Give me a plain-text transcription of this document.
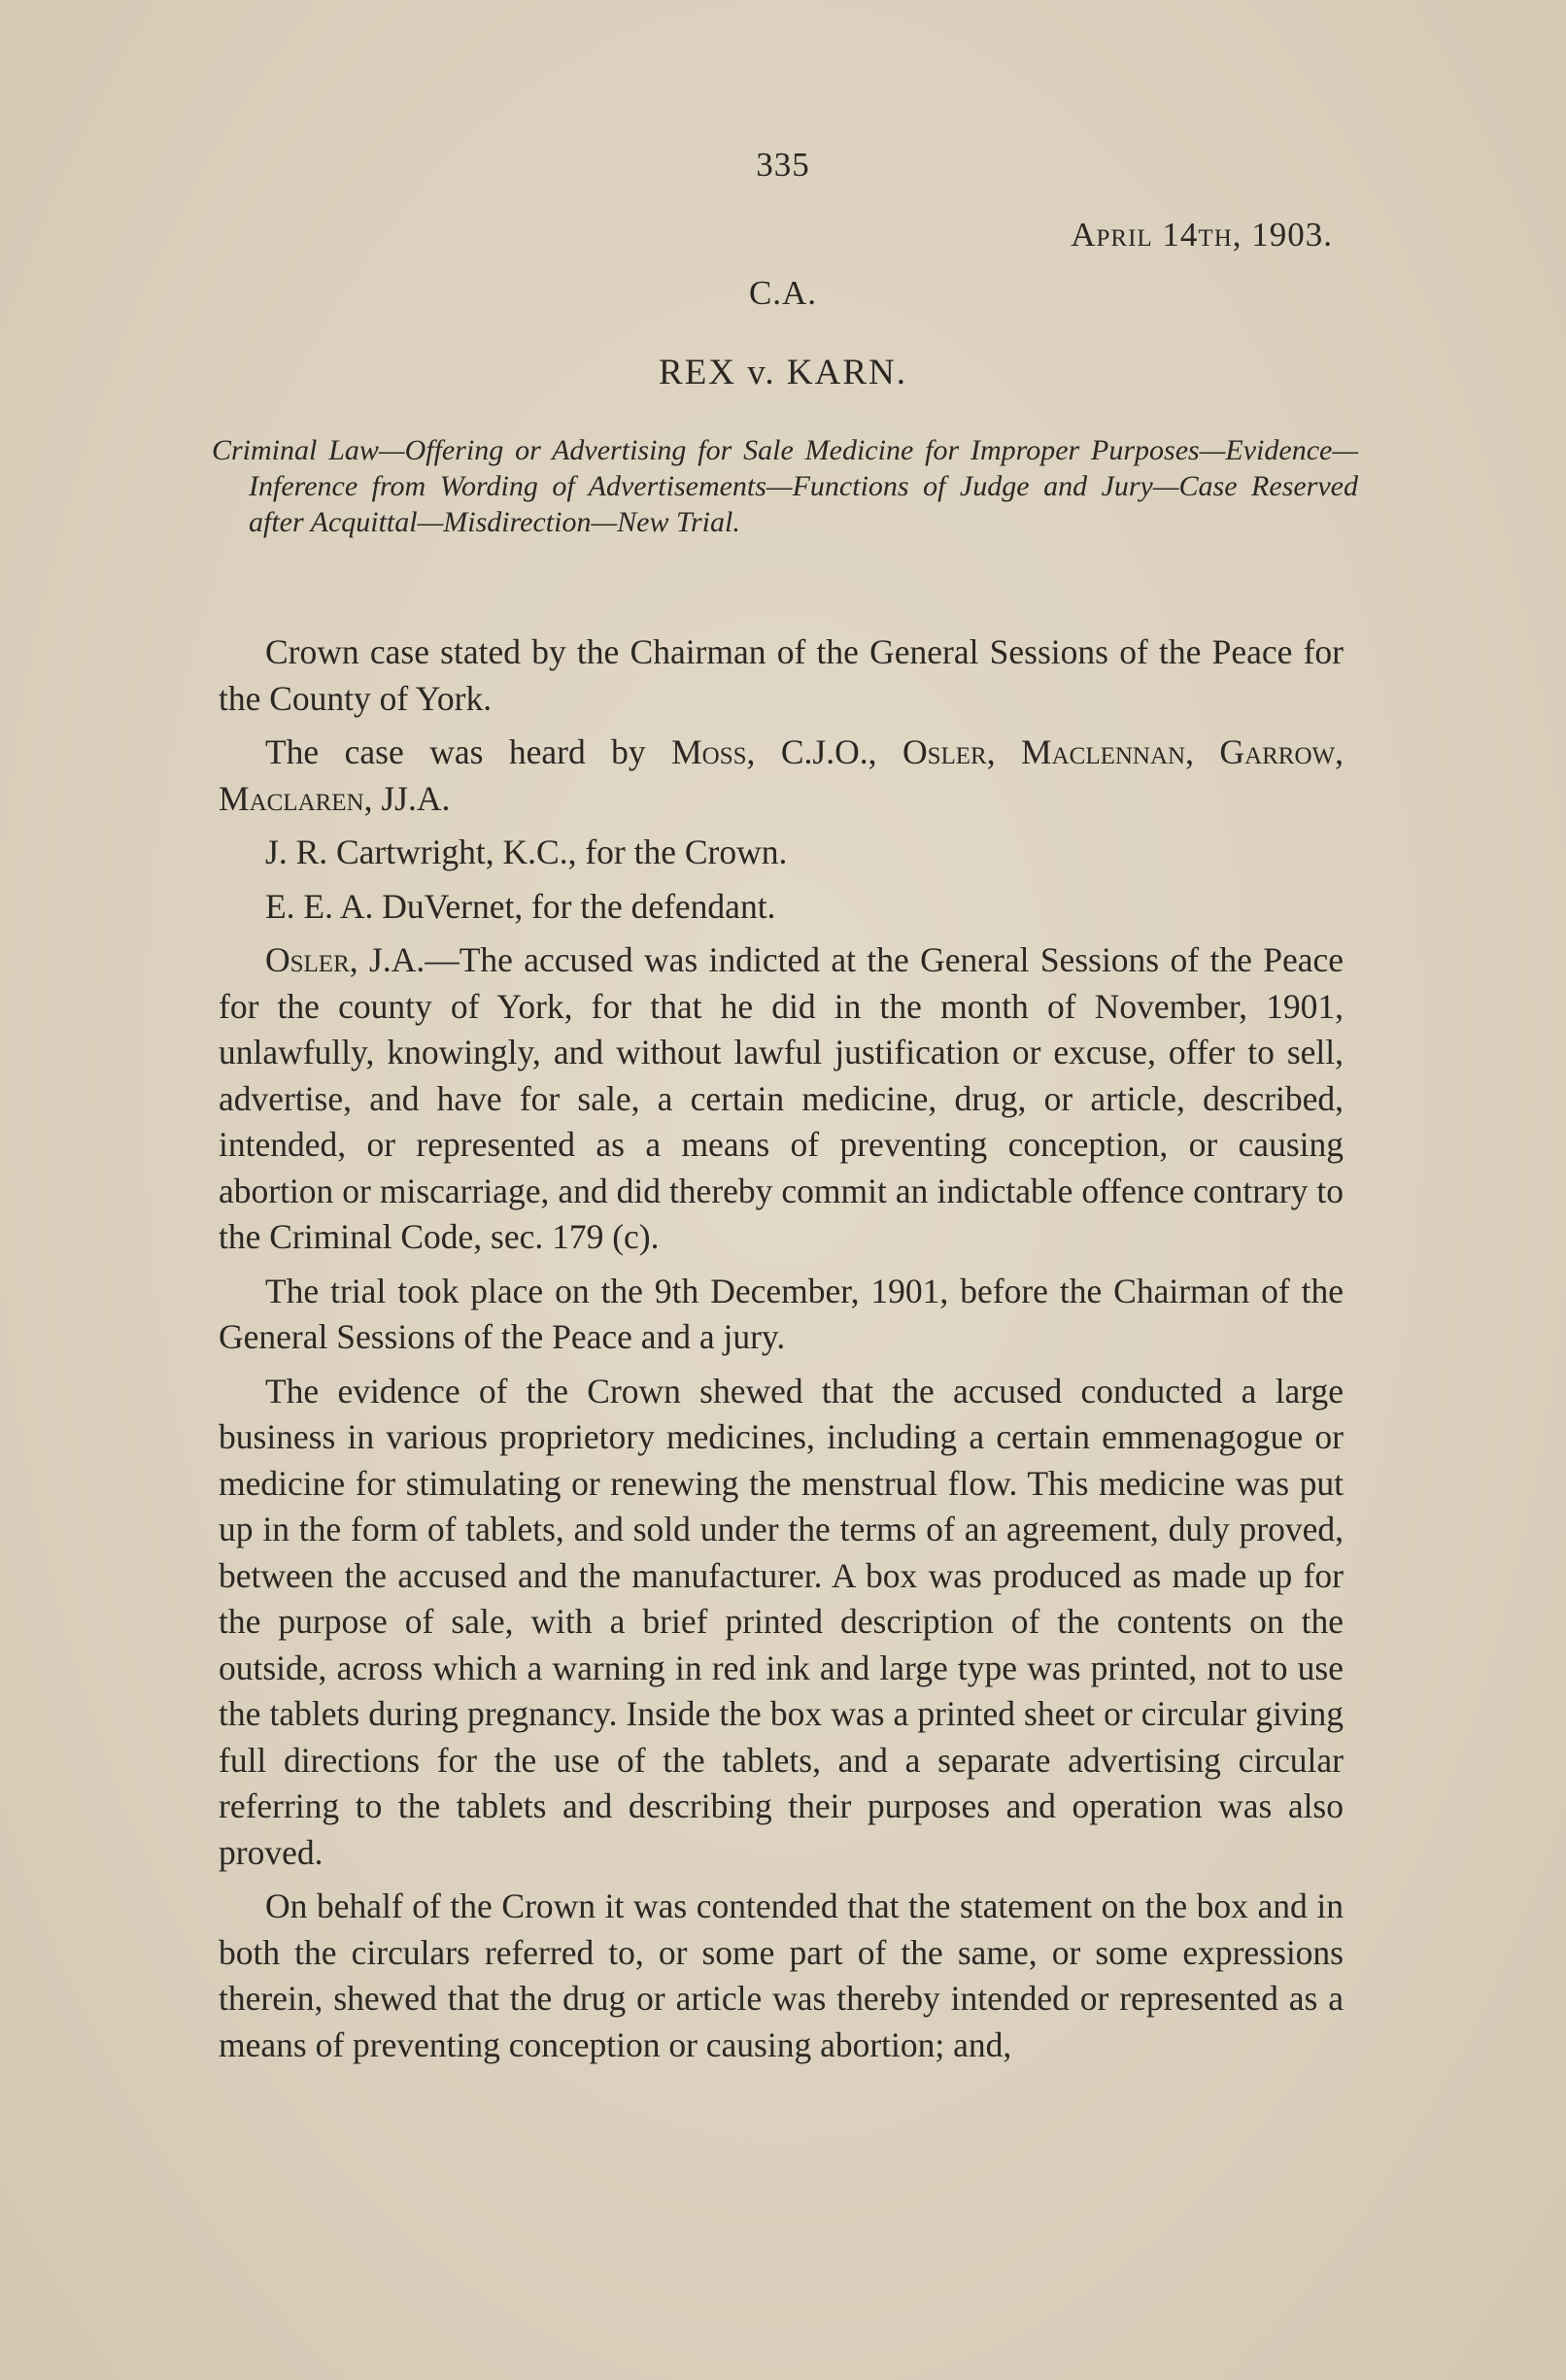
335
April 14th, 1903.
C.A.
REX v. KARN.
Criminal Law—Offering or Advertising for Sale Medicine for Improper Purposes—Evidence—Inference from Wording of Advertisements—Functions of Judge and Jury—Case Reserved after Acquittal—Misdirection—New Trial.

Crown case stated by the Chairman of the General Sessions of the Peace for the County of York.

The case was heard by Moss, C.J.O., Osler, Maclennan, Garrow, Maclaren, JJ.A.

J. R. Cartwright, K.C., for the Crown.

E. E. A. DuVernet, for the defendant.

Osler, J.A.—The accused was indicted at the General Sessions of the Peace for the county of York, for that he did in the month of November, 1901, unlawfully, knowingly, and without lawful justification or excuse, offer to sell, advertise, and have for sale, a certain medicine, drug, or article, described, intended, or represented as a means of preventing conception, or causing abortion or miscarriage, and did thereby commit an indictable offence contrary to the Criminal Code, sec. 179 (c).

The trial took place on the 9th December, 1901, before the Chairman of the General Sessions of the Peace and a jury.

The evidence of the Crown shewed that the accused conducted a large business in various proprietory medicines, including a certain emmenagogue or medicine for stimulating or renewing the menstrual flow. This medicine was put up in the form of tablets, and sold under the terms of an agreement, duly proved, between the accused and the manufacturer. A box was produced as made up for the purpose of sale, with a brief printed description of the contents on the outside, across which a warning in red ink and large type was printed, not to use the tablets during pregnancy. Inside the box was a printed sheet or circular giving full directions for the use of the tablets, and a separate advertising circular referring to the tablets and describing their purposes and operation was also proved.

On behalf of the Crown it was contended that the statement on the box and in both the circulars referred to, or some part of the same, or some expressions therein, shewed that the drug or article was thereby intended or represented as a means of preventing conception or causing abortion; and,
